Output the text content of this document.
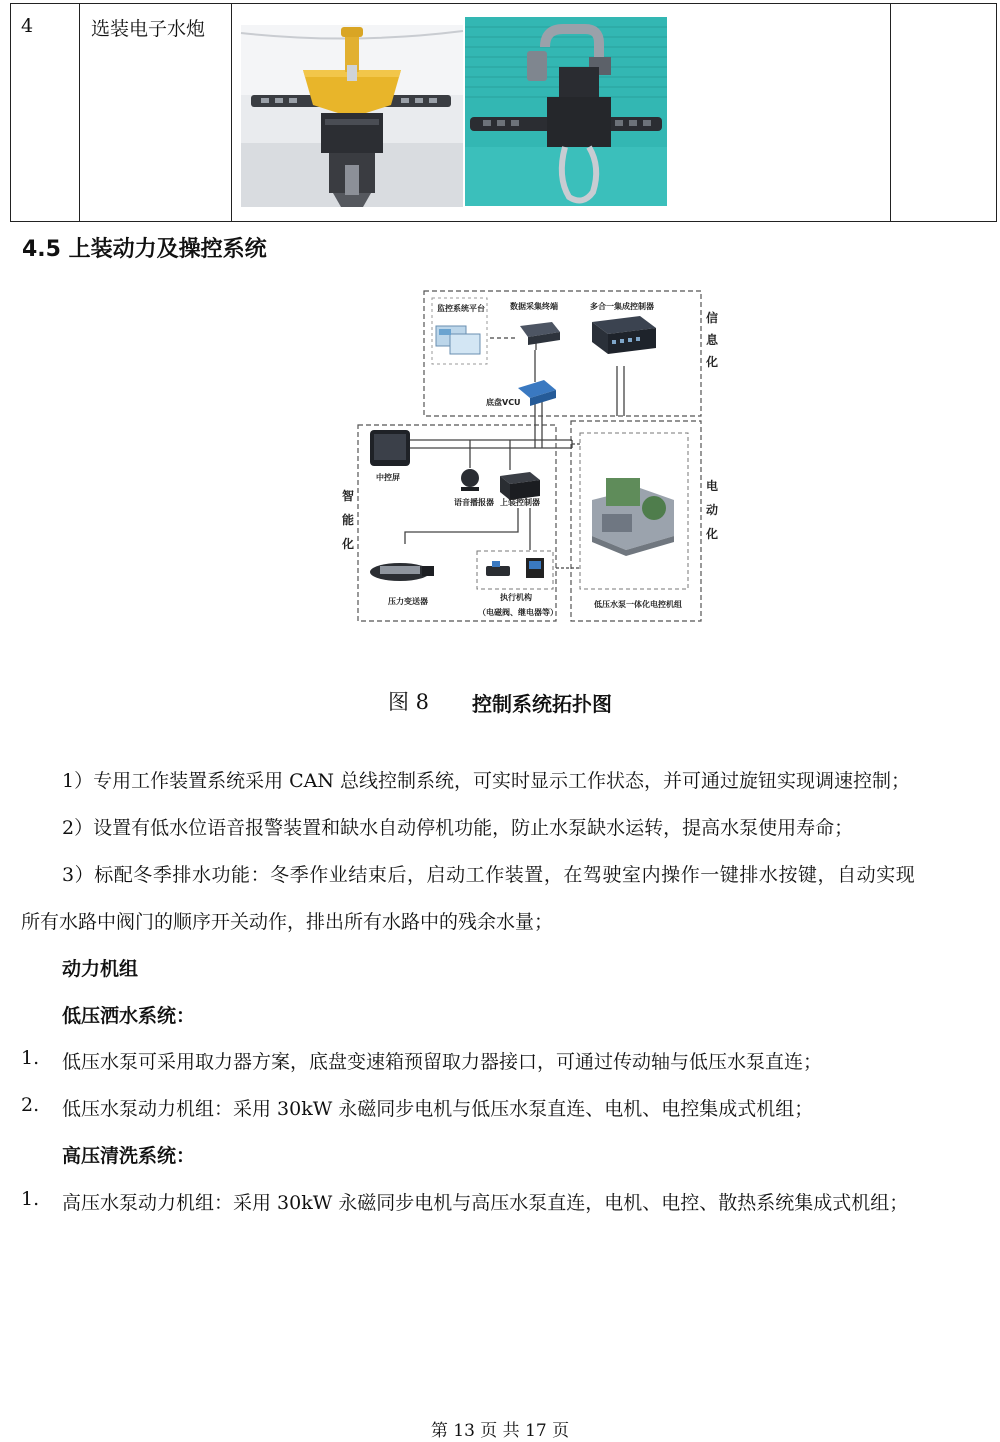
4	选装电子水炮
4.5 上装动力及操控系统
监控系统平台	数据采集终端	多合一集成控制器
底盘VCU
中控屏
语音播报器 上装控制器
压力变送器	执行机构
（电磁阀、继电器等）
低压水泵一体化电控机组
信
息
化
智
能
化
电
动
化
图 8 控制系统拓扑图
1）专用工作装置系统采用 CAN 总线控制系统，可实时显示工作状态，并可通过旋钮实现调速控制；
2）设置有低水位语音报警装置和缺水自动停机功能，防止水泵缺水运转，提高水泵使用寿命；
3）标配冬季排水功能：冬季作业结束后，启动工作装置，在驾驶室内操作一键排水按键，自动实现
所有水路中阀门的顺序开关动作，排出所有水路中的残余水量；
动力机组
低压洒水系统：
1. 低压水泵可采用取力器方案，底盘变速箱预留取力器接口，可通过传动轴与低压水泵直连；
2. 低压水泵动力机组：采用 30kW 永磁同步电机与低压水泵直连、电机、电控集成式机组；
高压清洗系统：
1. 高压水泵动力机组：采用 30kW 永磁同步电机与高压水泵直连，电机、电控、散热系统集成式机组；
第 13 页 共 17 页
